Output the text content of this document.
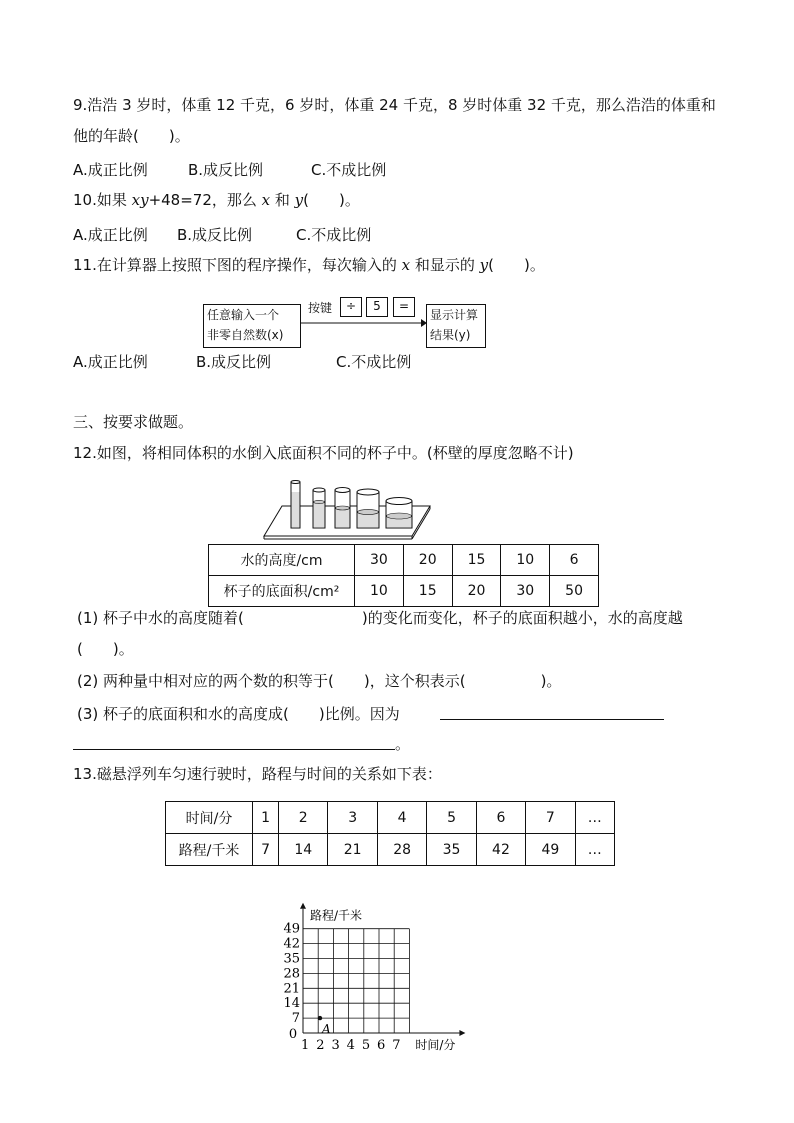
9.浩浩 3 岁时，体重 12 千克，6 岁时，体重 24 千克，8 岁时体重 32 千克，那么浩浩的体重和
他的年龄(　　)。
A.成正比例	B.成反比例	C.不成比例
10.如果 xy+48=72，那么 x 和 y(　　)。
A.成正比例 B.成反比例	C.不成比例
11.在计算器上按照下图的程序操作，每次输入的 x 和显示的 y(　　)。
任意输入一个
非零自然数(x)
按键	÷	5	=
显示计算
结果(y)
A.成正比例	B.成反比例	C.不成比例
三、按要求做题。
12.如图，将相同体积的水倒入底面积不同的杯子中。(杯壁的厚度忽略不计)
水的高度/cm	30	20	15	10	6
杯子的底面积/cm²	10	15	20	30	50
(1) 杯子中水的高度随着(	)的变化而变化，杯子的底面积越小，水的高度越
(　　)。
(2) 两种量中相对应的两个数的积等于(　　)，这个积表示(　　　　　)。
(3) 杯子的底面积和水的高度成(　　)比例。因为
。
13.磁悬浮列车匀速行驶时，路程与时间的关系如下表：
时间/分	1	2	3	4	5	6	7	…
路程/千米	7	14	21	28	35	42	49	…
1 2 3 4 5 6 7
7
14
21
28
35
42
49
0
时间/分
路程/千米
A
